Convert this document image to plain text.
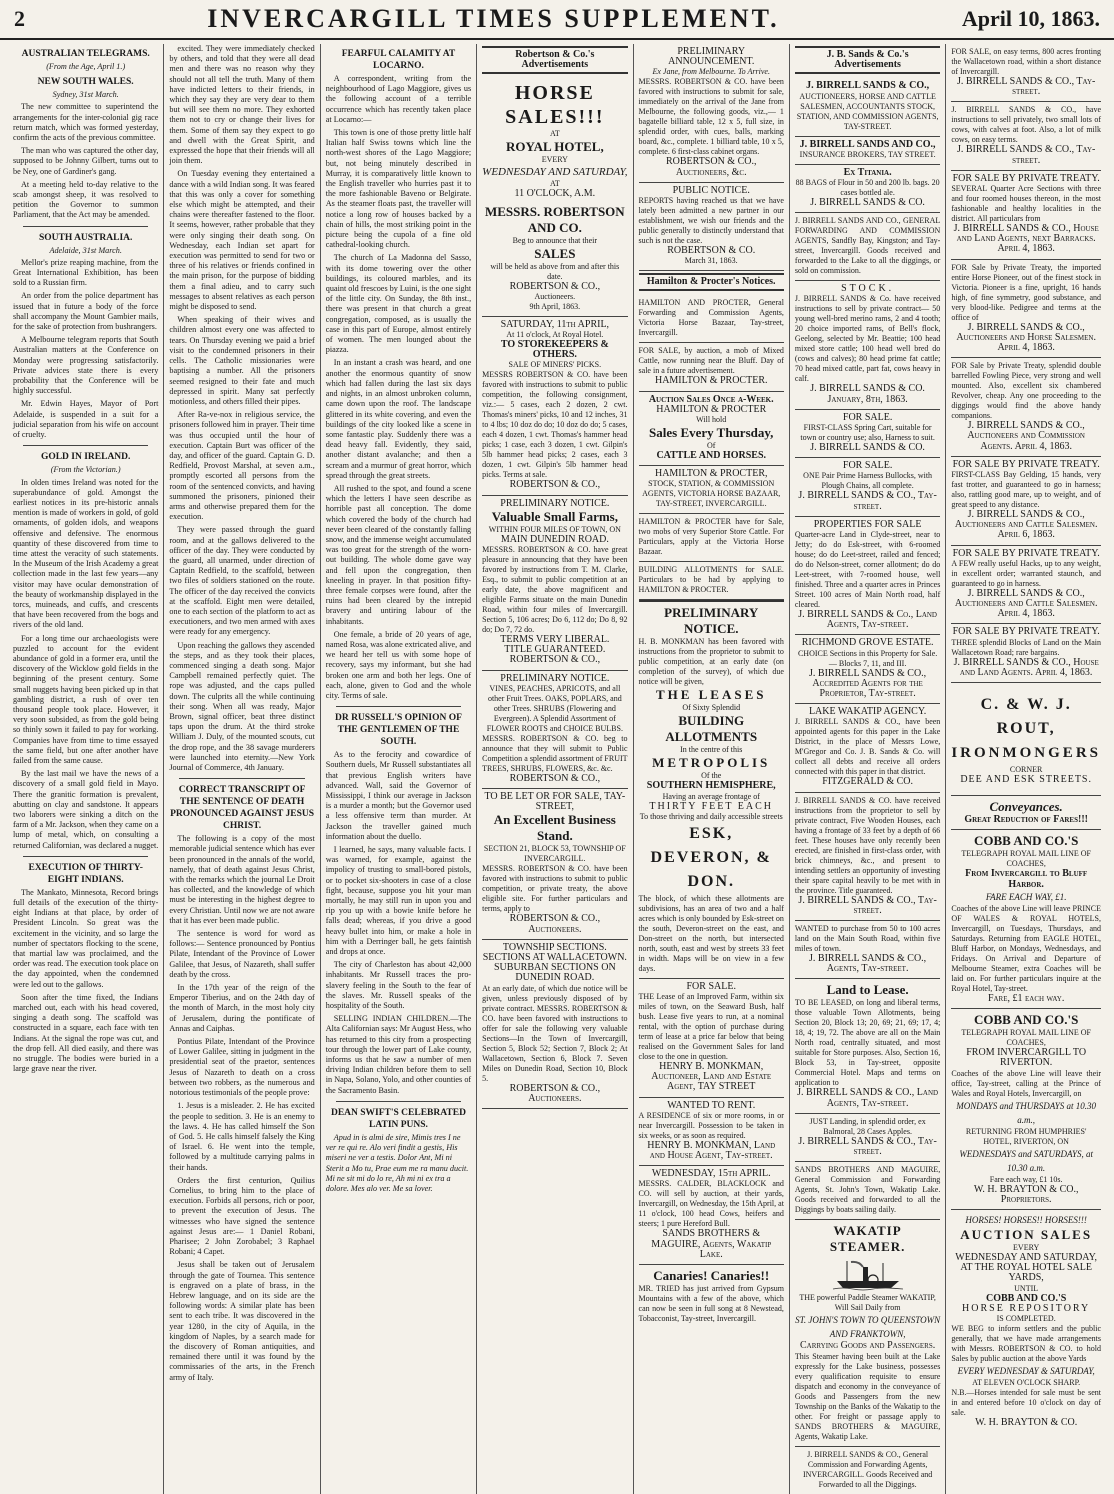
2	INVERCARGILL TIMES SUPPLEMENT.	April 10, 1863.
AUSTRALIAN TELEGRAMS.
(From the Age, April 1.)
NEW SOUTH WALES.
Sydney, 31st March.

The new committee to superintend the arrangements for the inter-colonial gig race return match, which was formed yesterday, confirm the acts of the previous committee.

The man who was captured the other day, supposed to be Johnny Gilbert, turns out to be Ney, one of Gardiner's gang.

At a meeting held to-day relative to the scab amongst sheep, it was resolved to petition the Governor to summon Parliament, that the Act may be amended.

SOUTH AUSTRALIA.
Adelaide, 31st March.

Mellor's prize reaping machine, from the Great International Exhibition, has been sold to a Russian firm.

An order from the police department has issued that in future a body of the force shall accompany the Mount Gambier mails, for the sake of protection from bushrangers.

A Melbourne telegram reports that South Australian matters at the Conference on Monday were progressing satisfactorily. Private advices state there is every probability that the Conference will be highly successful.

Mr. Edwin Hayes, Mayor of Port Adelaide, is suspended in a suit for a judicial separation from his wife on account of cruelty.

GOLD IN IRELAND.
(From the Victorian.)

In olden times Ireland was noted for the superabundance of gold. Amongst the earliest notices in its pre-historic annals mention is made of workers in gold, of gold ornaments, of golden idols, and weapons offensive and defensive. The enormous quantity of these discovered from time to time attest the veracity of such statements. In the Museum of the Irish Academy a great collection made in the last few years—any visitor may have ocular demonstration of the beauty of workmanship displayed in the torcs, muineads, and cuffs, and crescents that have been recovered from the bogs and rivers of the old land.

For a long time our archaeologists were puzzled to account for the evident abundance of gold in a former era, until the discovery of the Wicklow gold fields in the beginning of the present century. Some small nuggets having been picked up in that gambling district, a rush of over ten thousand people took place. However, it very soon subsided, as from the gold being so thinly sown it failed to pay for working. Companies have from time to time essayed the same field, but one after another have failed from the same cause.

By the last mail we have the news of a discovery of a small gold field in Mayo. There the granitic formation is prevalent, abutting on clay and sandstone. It appears two laborers were sinking a ditch on the farm of a Mr. Jackson, when they came on a lump of metal, which, on consulting a returned Californian, was declared a nugget.

EXECUTION OF THIRTY-EIGHT INDIANS.

The Mankato, Minnesota, Record brings full details of the execution of the thirty-eight Indians at that place, by order of President Lincoln. So great was the excitement in the vicinity, and so large the number of spectators flocking to the scene, that martial law was proclaimed, and the order was read. The execution took place on the day appointed, when the condemned were led out to the gallows.

Soon after the time fixed, the Indians marched out, each with his head covered, singing a death song. The scaffold was constructed in a square, each face with ten Indians. At the signal the rope was cut, and the drop fell. All died easily, and there was no struggle. The bodies were buried in a large grave near the river.

excited. They were immediately checked by others, and told that they were all dead men and there was no reason why they should not all tell the truth. Many of them have indicted letters to their friends, in which they say they are very dear to them but will see them no more. They exhorted them not to cry or change their lives for them. Some of them say they expect to go and dwell with the Great Spirit, and expressed the hope that their friends will all join them.

On Tuesday evening they entertained a dance with a wild Indian song. It was feared that this was only a cover for something else which might be attempted, and their chains were thereafter fastened to the floor. It seems, however, rather probable that they were only singing their death song. On Wednesday, each Indian set apart for execution was permitted to send for two or three of his relatives or friends confined in the main prison, for the purpose of bidding them a final adieu, and to carry such messages to absent relatives as each person might be disposed to send.

When speaking of their wives and children almost every one was affected to tears. On Thursday evening we paid a brief visit to the condemned prisoners in their cells. The Catholic missionaries were baptising a number. All the prisoners seemed resigned to their fate and much depressed in spirit. Many sat perfectly motionless, and others filled their pipes.

After Ra-ve-nox in religious service, the prisoners followed him in prayer. Their time was thus occupied until the hour of execution. Captain Burt was officer of the day, and officer of the guard. Captain G. D. Redfield, Provost Marshal, at seven a.m., promptly escorted all persons from the room of the sentenced convicts, and having summoned the prisoners, pinioned their arms and otherwise prepared them for the execution.

They were passed through the guard room, and at the gallows delivered to the officer of the day. They were conducted by the guard, all unarmed, under direction of Captain Redfield, to the scaffold, between two files of soldiers stationed on the route. The officer of the day received the convicts at the scaffold. Eight men were detailed, one to each section of the platform to act as executioners, and two men armed with axes were ready for any emergency.

Upon reaching the gallows they ascended the steps, and as they took their places, commenced singing a death song. Major Campbell remained perfectly quiet. The rope was adjusted, and the caps pulled down. The culprits all the while continuing their song. When all was ready, Major Brown, signal officer, beat three distinct taps upon the drum. At the third stroke William J. Duly, of the mounted scouts, cut the drop rope, and the 38 savage murderers were launched into eternity.—New York Journal of Commerce, 4th January.

CORRECT TRANSCRIPT OF THE SENTENCE OF DEATH PRONOUNCED AGAINST JESUS CHRIST.

The following is a copy of the most memorable judicial sentence which has ever been pronounced in the annals of the world, namely, that of death against Jesus Christ, with the remarks which the journal Le Droit has collected, and the knowledge of which must be interesting in the highest degree to every Christian. Until now we are not aware that it has ever been made public.

The sentence is word for word as follows:— Sentence pronounced by Pontius Pilate, Intendant of the Province of Lower Galilee, that Jesus, of Nazareth, shall suffer death by the cross.

In the 17th year of the reign of the Emperor Tiberius, and on the 24th day of the month of March, in the most holy city of Jerusalem, during the pontificate of Annas and Caiphas.

Pontius Pilate, Intendant of the Province of Lower Galilee, sitting in judgment in the presidential seat of the praetor, sentences Jesus of Nazareth to death on a cross between two robbers, as the numerous and notorious testimonials of the people prove:

1. Jesus is a misleader. 2. He has excited the people to sedition. 3. He is an enemy to the laws. 4. He has called himself the Son of God. 5. He calls himself falsely the King of Israel. 6. He went into the temple, followed by a multitude carrying palms in their hands.

Orders the first centurion, Quilius Cornelius, to bring him to the place of execution. Forbids all persons, rich or poor, to prevent the execution of Jesus. The witnesses who have signed the sentence against Jesus are:— 1 Daniel Robani, Pharisee; 2 John Zorobabel; 3 Raphael Robani; 4 Capet.

Jesus shall be taken out of Jerusalem through the gate of Tournea. This sentence is engraved on a plate of brass, in the Hebrew language, and on its side are the following words: A similar plate has been sent to each tribe. It was discovered in the year 1280, in the city of Aquila, in the kingdom of Naples, by a search made for the discovery of Roman antiquities, and remained there until it was found by the commissaries of the arts, in the French army of Italy.

FEARFUL CALAMITY AT LOCARNO.

A correspondent, writing from the neighbourhood of Lago Maggiore, gives us the following account of a terrible occurrence which has recently taken place at Locarno:—

This town is one of those pretty little half Italian half Swiss towns which line the north-west shores of the Lago Maggiore; but, not being minutely described in Murray, it is comparatively little known to the English traveller who hurries past it to the more fashionable Baveno or Belgirate. As the steamer floats past, the traveller will notice a long row of houses backed by a chain of hills, the most striking point in the picture being the cupola of a fine old cathedral-looking church.

The church of La Madonna del Sasso, with its dome towering over the other buildings, its coloured marbles, and its quaint old frescoes by Luini, is the one sight of the little city. On Sunday, the 8th inst., there was present in that church a great congregation, composed, as is usually the case in this part of Europe, almost entirely of women. The men lounged about the piazza.

In an instant a crash was heard, and one another the enormous quantity of snow which had fallen during the last six days and nights, in an almost unbroken column, came down upon the roof. The landscape glittered in its white covering, and even the buildings of the city looked like a scene in some fantastic play. Suddenly there was a dead heavy fall. Evidently, they said, another distant avalanche; and then a scream and a murmur of great horror, which spread through the great streets.

All rushed to the spot, and found a scene which the letters I have seen describe as horrible past all conception. The dome which covered the body of the church had never been cleared of the constantly falling snow, and the immense weight accumulated was too great for the strength of the worn-out building. The whole dome gave way and fell upon the congregation, then kneeling in prayer. In that position fifty-three female corpses were found, after the ruins had been cleared by the intrepid bravery and untiring labour of the inhabitants.

One female, a bride of 20 years of age, named Rosa, was alone extricated alive, and we heard her tell us with some hope of recovery, says my informant, but she had broken one arm and both her legs. One of each, alone, given to God and the whole city. Terms of sale.

DR RUSSELL'S OPINION OF THE GENTLEMEN OF THE SOUTH.

As to the ferocity and cowardice of Southern duels, Mr Russell substantiates all that previous English writers have advanced. Wall, said the Governor of Mississippi, I think our average in Jackson is a murder a month; but the Governor used a less offensive term than murder. At Jackson the traveller gained much information about the duello.

I learned, he says, many valuable facts. I was warned, for example, against the impolicy of trusting to small-bored pistols, or to pocket six-shooters in case of a close fight, because, suppose you hit your man mortally, he may still run in upon you and rip you up with a bowie knife before he falls dead; whereas, if you drive a good heavy bullet into him, or make a hole in him with a Derringer ball, he gets faintish and drops at once.

The city of Charleston has about 42,000 inhabitants. Mr Russell traces the pro-slavery feeling in the South to the fear of the slaves. Mr. Russell speaks of the hospitality of the South.

SELLING INDIAN CHILDREN.—The Alta Californian says: Mr August Hess, who has returned to this city from a prospecting tour through the lower part of Lake county, informs us that he saw a number of men driving Indian children before them to sell in Napa, Solano, Yolo, and other counties of the Sacramento Basin.

DEAN SWIFT'S CELEBRATED LATIN PUNS.

Apud in is almi de sire, Mimis tres I ne ver re qui re. Alo veri findit a gestis, His miseri ne ver a testis. Dolor Ant, Mi ni Sterit a Mo tu, Prae eum me ra manu ducit. Mi ne sit mi do lo re, Ah mi ni ex tra a dolore. Mes alo ver. Me sa lover.

Robertson & Co.'s Advertisements
HORSE SALES!!!
AT
ROYAL HOTEL,
EVERY
WEDNESDAY AND SATURDAY,
AT
11 O'CLOCK, A.M.
MESSRS. ROBERTSON AND CO.
Beg to announce that their
SALES
will be held as above from and after this date.
ROBERTSON & CO.,
Auctioneers.
9th April, 1863.
SATURDAY, 11th APRIL,
At 11 o'clock, At Royal Hotel.
TO STOREKEEPERS & OTHERS.
SALE OF MINERS' PICKS.
MESSRS ROBERTSON & CO. have been favored with instructions to submit to public competition, the following consignment, viz.:— 5 cases, each 2 dozen, 2 cwt. Thomas's miners' picks, 10 and 12 inches, 31 to 4 lbs; 10 doz do do; 10 doz do do; 5 cases, each 4 dozen, 1 cwt. Thomas's hammer head picks; 1 case, each 3 dozen, 1 cwt. Gilpin's 5lb hammer head picks; 2 cases, each 3 dozen, 1 cwt. Gilpin's 5lb hammer head picks. Terms at sale.
ROBERTSON & CO.,
PRELIMINARY NOTICE.
Valuable Small Farms,
WITHIN FOUR MILES OF TOWN, ON
MAIN DUNEDIN ROAD.
MESSRS. ROBERTSON & CO. have great pleasure in announcing that they have been favored by instructions from T. M. Clarke, Esq., to submit to public competition at an early date, the above magnificent and eligible Farms situate on the main Dunedin Road, within four miles of Invercargill. Section 5, 106 acres; Do 6, 112 do; Do 8, 92 do; Do 7, 72 do.
TERMS VERY LIBERAL.
TITLE GUARANTEED.
ROBERTSON & CO.,
PRELIMINARY NOTICE.
VINES, PEACHES, APRICOTS, and all other Fruit Trees. OAKS, POPLARS, and other Trees. SHRUBS (Flowering and Evergreen). A Splendid Assortment of FLOWER ROOTS and CHOICE BULBS.
MESSRS. ROBERTSON & CO. beg to announce that they will submit to Public Competition a splendid assortment of FRUIT TREES, SHRUBS, FLOWERS, &c. &c.
ROBERTSON & CO.,
TO BE LET OR FOR SALE, TAY-STREET,
An Excellent Business Stand.
SECTION 21, BLOCK 53, TOWNSHIP OF INVERCARGILL.
MESSRS. ROBERTSON & CO. have been favored with instructions to submit to public competition, or private treaty, the above eligible site. For further particulars and terms, apply to
ROBERTSON & CO., Auctioneers.
TOWNSHIP SECTIONS. SECTIONS AT WALLACETOWN. SUBURBAN SECTIONS ON DUNEDIN ROAD.
At an early date, of which due notice will be given, unless previously disposed of by private contract. MESSRS. ROBERTSON & CO. have been favored with instructions to offer for sale the following very valuable Sections—In the Town of Invercargill, Section 5, Block 52; Section 7, Block 2; At Wallacetown, Section 6, Block 7. Seven Miles on Dunedin Road, Section 10, Block 5.
ROBERTSON & CO., Auctioneers.
PRELIMINARY ANNOUNCEMENT.
Ex Jane, from Melbourne. To Arrive.
MESSRS. ROBERTSON & CO. have been favored with instructions to submit for sale, immediately on the arrival of the Jane from Melbourne, the following goods, viz.,— 1 bagatelle billiard table, 12 x 5, full size, in splendid order, with cues, balls, marking board, &c., complete. 1 billiard table, 10 x 5, complete. 6 first-class cabinet organs.
ROBERTSON & CO., Auctioneers, &c.
PUBLIC NOTICE.
REPORTS having reached us that we have lately been admitted a new partner in our establishment, we wish our friends and the public generally to distinctly understand that such is not the case.
ROBERTSON & CO.
March 31, 1863.
Hamilton & Procter's Notices.
HAMILTON AND PROCTER, General Forwarding and Commission Agents, Victoria Horse Bazaar, Tay-street, Invercargill.
FOR SALE, by auction, a mob of Mixed Cattle, now running near the Bluff. Day of sale in a future advertisement.
HAMILTON & PROCTER.
Auction Sales Once a-Week.
HAMILTON & PROCTER
Will hold
Sales Every Thursday,
Of
CATTLE AND HORSES.
HAMILTON & PROCTER,
STOCK, STATION, & COMMISSION AGENTS, VICTORIA HORSE BAZAAR, TAY-STREET, INVERCARGILL.
HAMILTON & PROCTER have for Sale, two mobs of very Superior Store Cattle. For Particulars, apply at the Victoria Horse Bazaar.
BUILDING ALLOTMENTS for SALE. Particulars to be had by applying to HAMILTON & PROCTER.
PRELIMINARY NOTICE.
H. B. MONKMAN has been favored with instructions from the proprietor to submit to public competition, at an early date (on completion of the survey), of which due notice will be given,
THE LEASES
Of Sixty Splendid
BUILDING ALLOTMENTS
In the centre of this
METROPOLIS
Of the
SOUTHERN HEMISPHERE,
Having an average frontage of
THIRTY FEET EACH
To those thriving and daily accessible streets
ESK, DEVERON, & DON.
The block, of which these allotments are subdivisions, has an area of two and a half acres which is only bounded by Esk-street on the south, Deveron-street on the east, and Don-street on the north, but intersected north, south, east and west by streets 33 feet in width. Maps will be on view in a few days.
FOR SALE.
THE Lease of an Improved Farm, within six miles of town, on the Seaward Bush, half bush. Lease five years to run, at a nominal rental, with the option of purchase during term of lease at a price far below that being realised on the Government Sales for land close to the one in question.
HENRY B. MONKMAN, Auctioneer, Land and Estate Agent, TAY STREET
WANTED TO RENT.
A RESIDENCE of six or more rooms, in or near Invercargill. Possession to be taken in six weeks, or as soon as required.
HENRY B. MONKMAN, Land and House Agent, Tay-street.
WEDNESDAY, 15th APRIL.
MESSRS. CALDER, BLACKLOCK and CO. will sell by auction, at their yards, Invercargill, on Wednesday, the 15th April, at 11 o'clock, 100 head Cows, heifers and steers; 1 pure Hereford Bull.
SANDS BROTHERS & MAGUIRE, Agents, Wakatip Lake.
Canaries! Canaries!!
MR. TRIED has just arrived from Gypsum Mountains with a few of the above, which can now be seen in full song at 8 Newstead, Tobacconist, Tay-street, Invercargill.
J. B. Sands & Co.'s Advertisements
J. BIRRELL SANDS & CO.,
AUCTIONEERS, HORSE AND CATTLE SALESMEN, ACCOUNTANTS STOCK, STATION, AND COMMISSION AGENTS, TAY-STREET.
J. BIRRELL SANDS AND CO.,
INSURANCE BROKERS, TAY STREET.
Ex Titania.
88 BAGS of Flour in 50 and 200 lb. bags. 20 cases bottled ale.
J. BIRRELL SANDS & CO.
J. BIRRELL SANDS AND CO., GENERAL FORWARDING AND COMMISSION AGENTS, Sandfly Bay, Kingston; and Tay-street, Invercargill. Goods received and forwarded to the Lake to all the diggings, or sold on commission.
STOCK.
J. BIRRELL SANDS & Co. have received instructions to sell by private contract— 50 young well-bred merino rams, 2 and 4 tooth; 20 choice imported rams, of Bell's flock, Geelong, selected by Mr. Beattie; 100 head mixed store cattle; 100 head well bred do (cows and calves); 80 head prime fat cattle; 70 head mixed cattle, part fat, cows heavy in calf.
J. BIRRELL SANDS & CO. January, 8th, 1863.
FOR SALE.
FIRST-CLASS Spring Cart, suitable for town or country use; also, Harness to suit.
J. BIRRELL SANDS & CO.
FOR SALE.
ONE Pair Prime Harness Bullocks, with Plough Chains, all complete.
J. BIRRELL SANDS & CO., Tay-street.
PROPERTIES FOR SALE
Quarter-acre Land in Clyde-street, near to Jetty; do do Esk-street, with 6-roomed house; do do Leet-street, railed and fenced; do do Nelson-street, corner allotment; do do Leet-street, with 7-roomed house, well finished. Three and a quarter acres in Princes Street. 100 acres of Main North road, half cleared.
J. BIRRELL SANDS & Co., Land Agents, Tay-street.
RICHMOND GROVE ESTATE.
CHOICE Sections in this Property for Sale.— Blocks 7, 11, and III.
J. BIRRELL SANDS & CO., Accredited Agents for the Proprietor, Tay-street.
LAKE WAKATIP AGENCY.
J. BIRRELL SANDS & CO., have been appointed agents for this paper in the Lake District, in the place of Messrs Lowe, M'Gregor and Co. J. B. Sands & Co. will collect all debts and receive all orders connected with this paper in that district.
FITZGERALD & CO.
J. BIRRELL SANDS & CO. have received instructions from the proprietor to sell by private contract, Five Wooden Houses, each having a frontage of 33 feet by a depth of 66 feet. These houses have only recently been erected, are finished in first-class order, with brick chimneys, &c., and present to intending settlers an opportunity of investing their spare capital heavily to be met with in the province. Title guaranteed.
J. BIRRELL SANDS & CO., Tay-street.
WANTED to purchase from 50 to 100 acres land on the Main South Road, within five miles of town.
J. BIRRELL SANDS & CO., Agents, Tay-street.
Land to Lease.
TO BE LEASED, on long and liberal terms, those valuable Town Allotments, being Section 20, Block 13; 20, 69; 21, 69; 17, 4; 18, 4; 19, 72. The above are all on the Main North road, centrally situated, and most suitable for Store purposes. Also, Section 16, Block 53, in Tay-street, opposite Commercial Hotel. Maps and terms on application to
J. BIRRELL SANDS & CO., Land Agents, Tay-street.
JUST Landing, in splendid order, ex Balmoral, 28 Cases Apples.
J. BIRRELL SANDS & CO., Tay-street.
SANDS BROTHERS AND MAGUIRE, General Commission and Forwarding Agents, St. John's Town, Wakatip Lake. Goods received and forwarded to all the Diggings by boats sailing daily.
WAKATIP STEAMER.
THE powerful Paddle Steamer WAKATIP, Will Sail Daily from
ST. JOHN'S TOWN TO QUEENSTOWN AND FRANKTOWN,
Carrying Goods and Passengers.
This Steamer having been built at the Lake expressly for the Lake business, possesses every qualification requisite to ensure dispatch and economy in the conveyance of Goods and Passengers from the new Township on the Banks of the Wakatip to the other. For freight or passage apply to SANDS BROTHERS & MAGUIRE, Agents, Wakatip Lake.
J. BIRRELL SANDS & CO., General Commission and Forwarding Agents, INVERCARGILL. Goods Received and Forwarded to all the Diggings.
FOR SALE, on easy terms, 800 acres fronting the Wallacetown road, within a short distance of Invercargill.
J. BIRRELL SANDS & CO., Tay-street.
J. BIRRELL SANDS & CO., have instructions to sell privately, two small lots of cows, with calves at foot. Also, a lot of milk cows, on easy terms.
J. BIRRELL SANDS & CO., Tay-street.
FOR SALE BY PRIVATE TREATY.
SEVERAL Quarter Acre Sections with three and four roomed houses thereon, in the most fashionable and healthy localities in the district. All particulars from
J. BIRRELL SANDS & CO., House and Land Agents, next Barracks. April 4, 1863.
FOR Sale by Private Treaty, the imported entire Horse Pioneer, out of the finest stock in Victoria. Pioneer is a fine, upright, 16 hands high, of fine symmetry, good substance, and very blood-like. Pedigree and terms at the office of
J. BIRRELL SANDS & CO., Auctioneers and Horse Salesmen. April 4, 1863.
FOR Sale by Private Treaty, splendid double barrelled Fowling Piece, very strong and well mounted. Also, excellent six chambered Revolver, cheap. Any one proceeding to the diggings would find the above handy companions.
J. BIRRELL SANDS & CO., Auctioneers and Commission Agents. April 4, 1863.
FOR SALE BY PRIVATE TREATY.
FIRST-CLASS Bay Gelding, 15 hands, very fast trotter, and guaranteed to go in harness; also, rattling good mare, up to weight, and of great speed to any distance.
J. BIRRELL SANDS & CO., Auctioneers and Cattle Salesmen. April 6, 1863.
FOR SALE BY PRIVATE TREATY.
A FEW really useful Hacks, up to any weight, in excellent order; warranted staunch, and guaranteed to go in harness.
J. BIRRELL SANDS & CO., Auctioneers and Cattle Salesmen. April 4, 1863.
FOR SALE BY PRIVATE TREATY.
THREE splendid Blocks of Land on the Main Wallacetown Road; rare bargains.
J. BIRRELL SANDS & CO., House and Land Agents. April 4, 1863.
C. & W. J. ROUT,
IRONMONGERS
CORNER
DEE AND ESK STREETS.
Conveyances.
Great Reduction of Fares!!!
COBB AND CO.'S
TELEGRAPH ROYAL MAIL LINE OF COACHES,
From Invercargill to Bluff Harbor.
FARE EACH WAY, £1.
Coaches of the above Line will leave PRINCE OF WALES & ROYAL HOTELS, Invercargill, on Tuesdays, Thursdays, and Saturdays. Returning from EAGLE HOTEL, Bluff Harbor, on Mondays, Wednesdays, and Fridays. On Arrival and Departure of Melbourne Steamer, extra Coaches will be laid on. For further particulars inquire at the Royal Hotel, Tay-street.
Fare, £1 each way.
COBB AND CO.'S
TELEGRAPH ROYAL MAIL LINE OF COACHES,
FROM INVERCARGILL TO RIVERTON.
Coaches of the above Line will leave their office, Tay-street, calling at the Prince of Wales and Royal Hotels, Invercargill, on
MONDAYS and THURSDAYS at 10.30 a.m.,
RETURNING FROM HUMPHRIES' HOTEL, RIVERTON, ON
WEDNESDAYS and SATURDAYS, at 10.30 a.m.
Fare each way, £1 10s.
W. H. BRAYTON & CO., Proprietors.
HORSES! HORSES!! HORSES!!!
AUCTION SALES
EVERY
WEDNESDAY AND SATURDAY,
AT THE ROYAL HOTEL SALE YARDS,
UNTIL
COBB AND CO.'S
HORSE REPOSITORY
IS COMPLETED.
WE BEG to inform settlers and the public generally, that we have made arrangements with Messrs. ROBERTSON & CO. to hold Sales by public auction at the above Yards
EVERY WEDNESDAY & SATURDAY,
AT ELEVEN O'CLOCK SHARP.
N.B.—Horses intended for sale must be sent in and entered before 10 o'clock on day of sale.
W. H. BRAYTON & CO.
